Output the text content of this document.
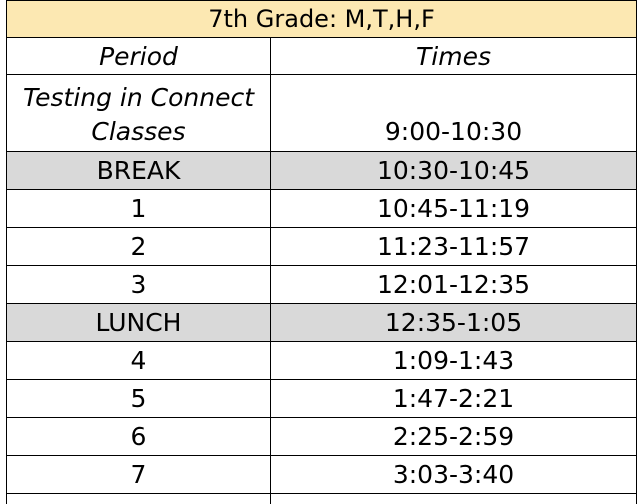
7th Grade: M,T,H,F	
Period	Times
Testing in Connect Classes	9:00-10:30
BREAK	10:30-10:45
1	10:45-11:19
2	11:23-11:57
3	12:01-12:35
LUNCH	12:35-1:05
4	1:09-1:43
5	1:47-2:21
6	2:25-2:59
7	3:03-3:40
